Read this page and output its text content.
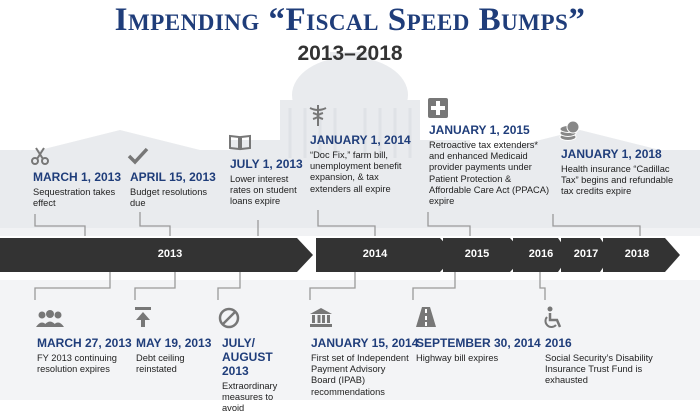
Impending “Fiscal Speed Bumps”
2013–2018
2013	2014	2015	2016	2017	2018
MARCH 1, 2013
Sequestration takes effect
APRIL 15, 2013
Budget resolutions due
JULY 1, 2013
Lower interest rates on student loans expire
JANUARY 1, 2014
“Doc Fix,” farm bill, unemployment benefit expansion, & tax extenders all expire
JANUARY 1, 2015
Retroactive tax extenders* and enhanced Medicaid provider payments under Patient Protection & Affordable Care Act (PPACA) expire
JANUARY 1, 2018
Health insurance “Cadillac Tax” begins and refundable tax credits expire
MARCH 27, 2013
FY 2013 continuing resolution expires
MAY 19, 2013
Debt ceiling reinstated
JULY/ AUGUST 2013
Extraordinary measures to avoid
JANUARY 15, 2014
First set of Independent Payment Advisory Board (IPAB) recommendations
SEPTEMBER 30, 2014
Highway bill expires
2016
Social Security’s Disability Insurance Trust Fund is exhausted
